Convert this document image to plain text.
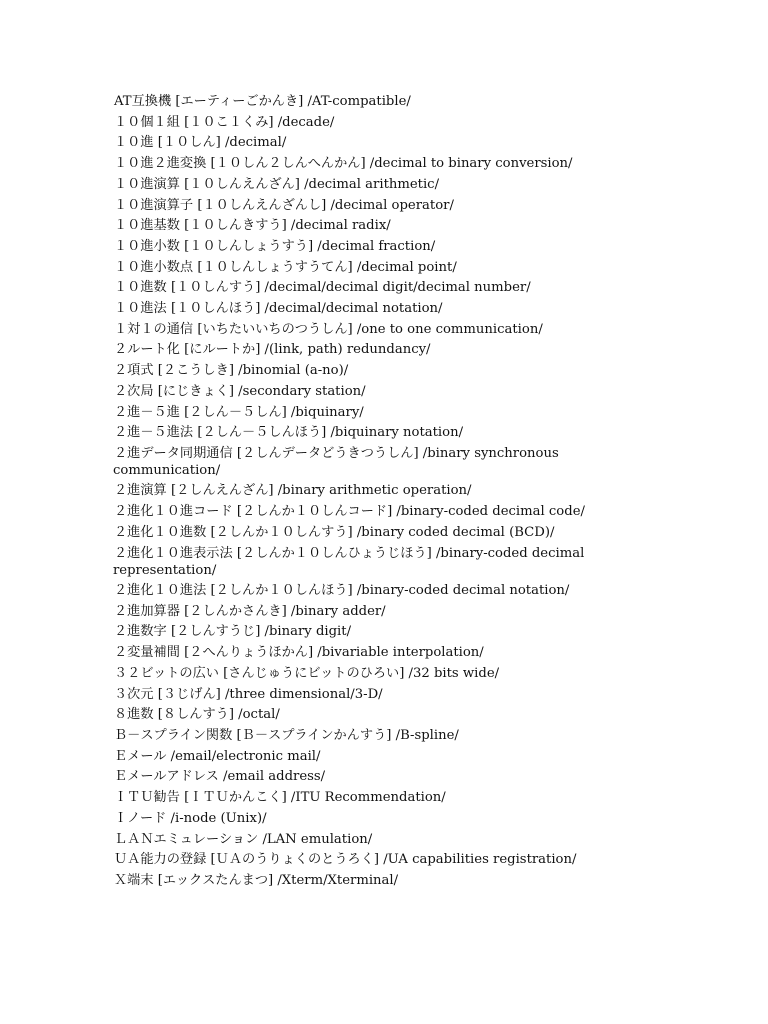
AT互換機 [エーティーごかんき] /AT-compatible/

１０個１組 [１０こ１くみ] /decade/

１０進 [１０しん] /decimal/

１０進２進変換 [１０しん２しんへんかん] /decimal to binary conversion/

１０進演算 [１０しんえんざん] /decimal arithmetic/

１０進演算子 [１０しんえんざんし] /decimal operator/

１０進基数 [１０しんきすう] /decimal radix/

１０進小数 [１０しんしょうすう] /decimal fraction/

１０進小数点 [１０しんしょうすうてん] /decimal point/

１０進数 [１０しんすう] /decimal/decimal digit/decimal number/

１０進法 [１０しんほう] /decimal/decimal notation/

１対１の通信 [いちたいいちのつうしん] /one to one communication/

２ルート化 [にルートか] /(link, path) redundancy/

２項式 [２こうしき] /binomial (a-no)/

２次局 [にじきょく] /secondary station/

２進－５進 [２しん－５しん] /biquinary/

２進－５進法 [２しん－５しんほう] /biquinary notation/

２進データ同期通信 [２しんデータどうきつうしん] /binary synchronous
communication/

２進演算 [２しんえんざん] /binary arithmetic operation/

２進化１０進コード [２しんか１０しんコード] /binary-coded decimal code/

２進化１０進数 [２しんか１０しんすう] /binary coded decimal (BCD)/

２進化１０進表示法 [２しんか１０しんひょうじほう] /binary-coded decimal
representation/

２進化１０進法 [２しんか１０しんほう] /binary-coded decimal notation/

２進加算器 [２しんかさんき] /binary adder/

２進数字 [２しんすうじ] /binary digit/

２変量補間 [２へんりょうほかん] /bivariable interpolation/

３２ビットの広い [さんじゅうにビットのひろい] /32 bits wide/

３次元 [３じげん] /three dimensional/3-D/

８進数 [８しんすう] /octal/

Ｂ－スプライン関数 [Ｂ－スプラインかんすう] /B-spline/

Ｅメール /email/electronic mail/

Ｅメールアドレス /email address/

ＩＴＵ勧告 [ＩＴＵかんこく] /ITU Recommendation/

Ｉノード /i-node (Unix)/

ＬＡＮエミュレーション /LAN emulation/

ＵＡ能力の登録 [ＵＡのうりょくのとうろく] /UA capabilities registration/

Ｘ端末 [エックスたんまつ] /Xterm/Xterminal/
